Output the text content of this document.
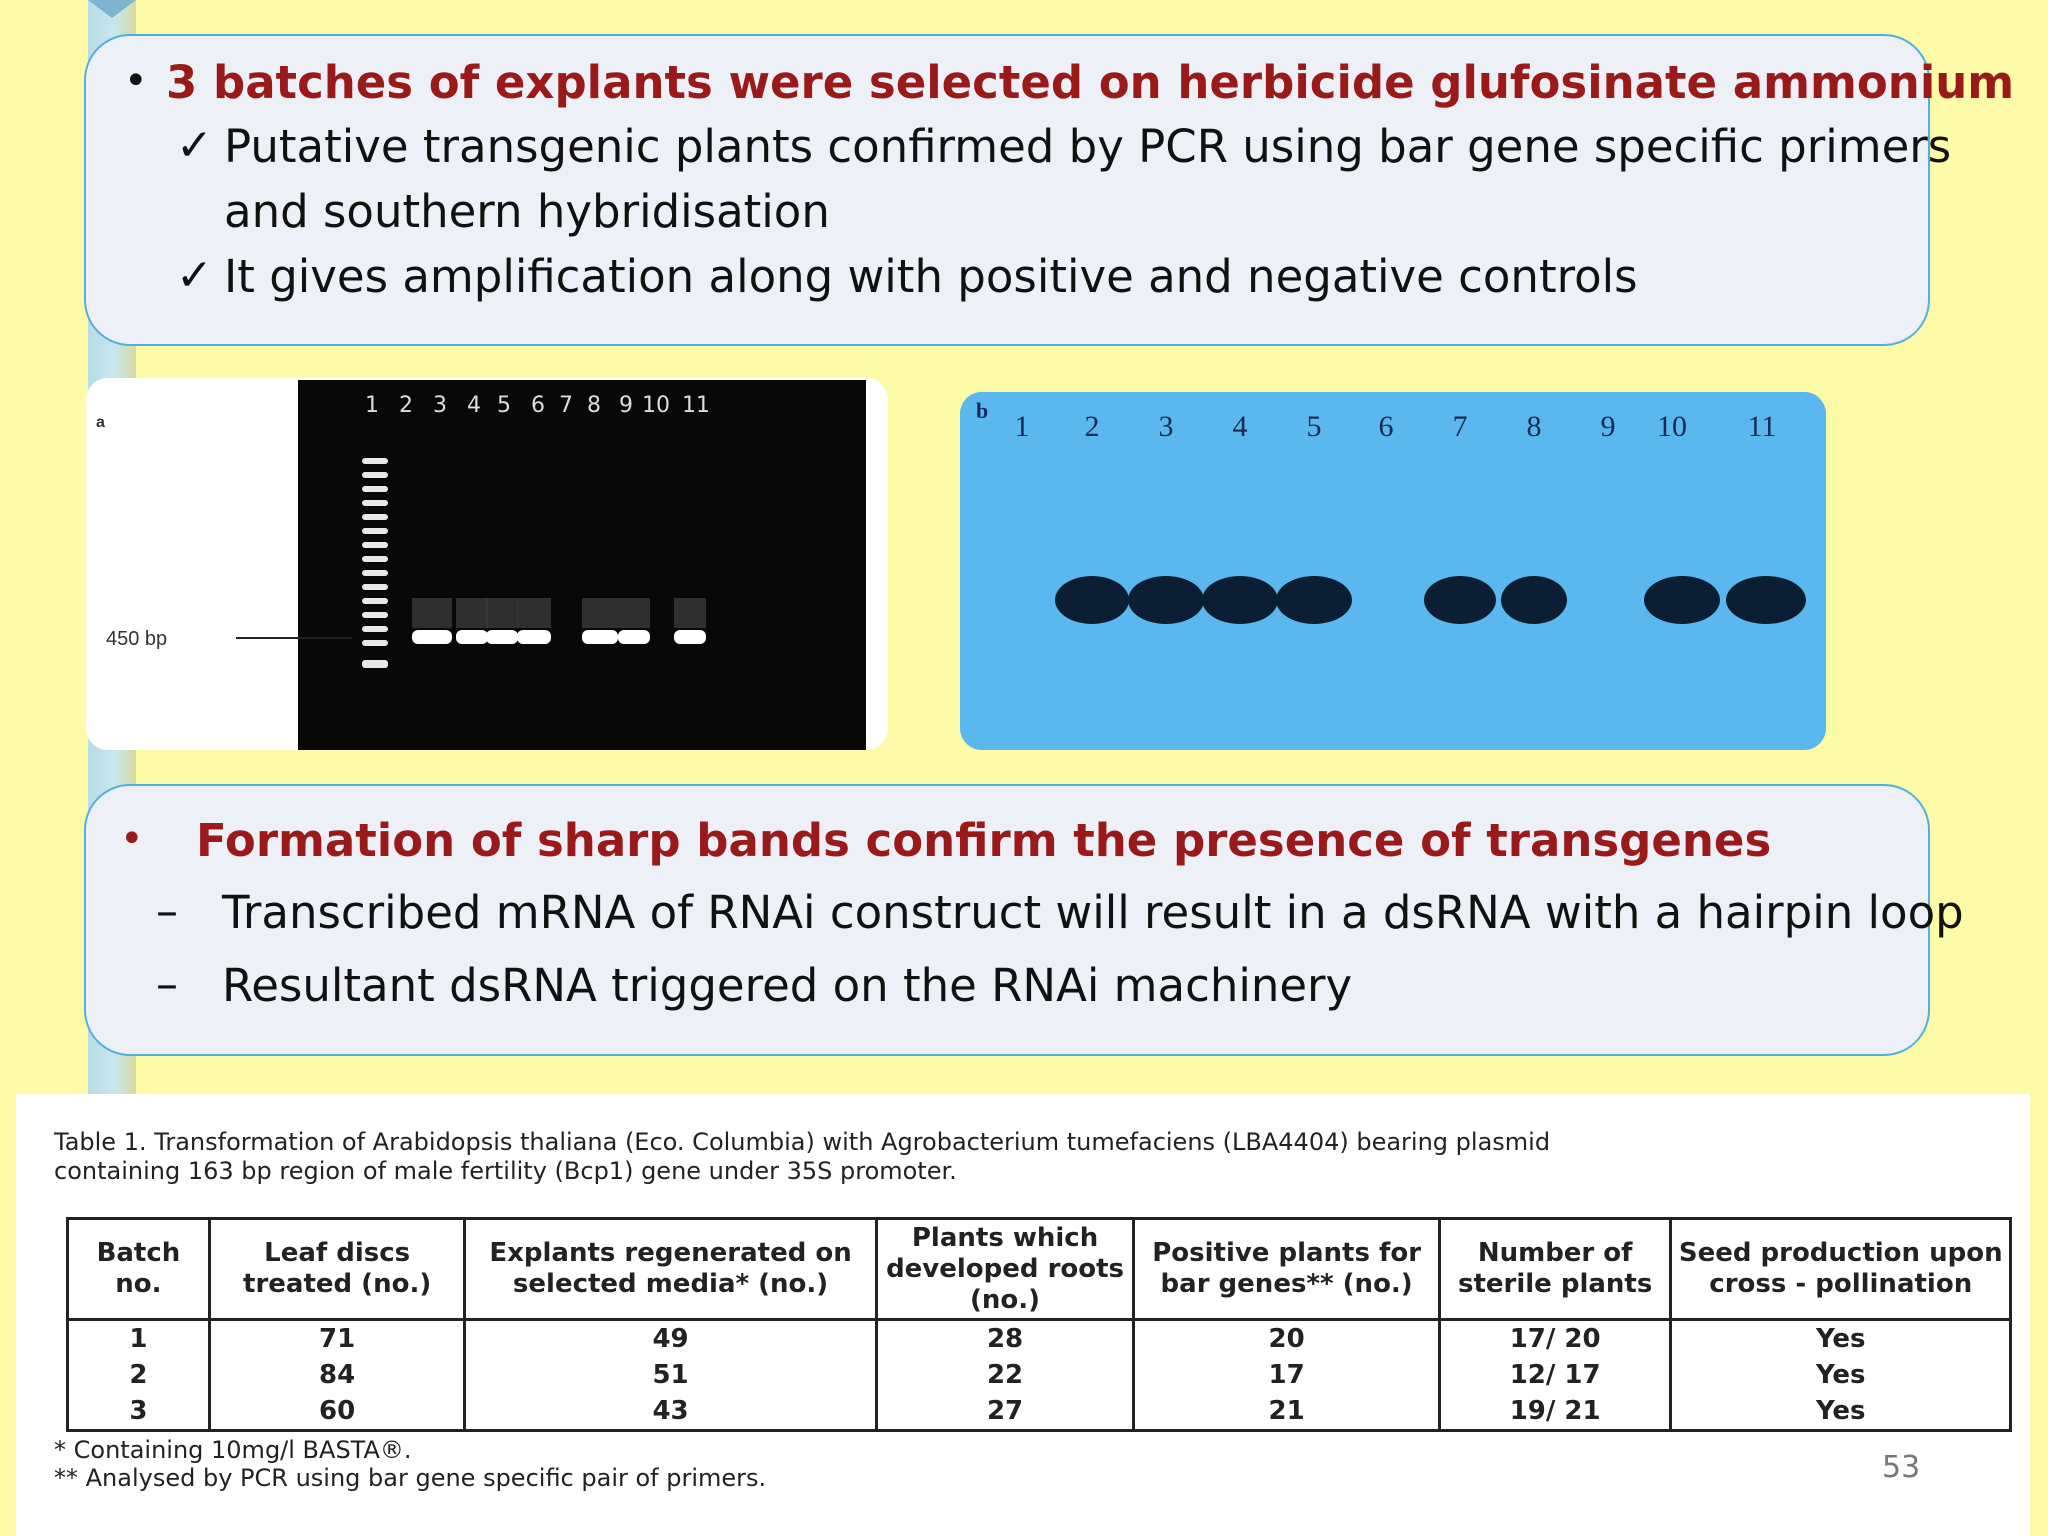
• 3 batches of explants were selected on herbicide glufosinate ammonium
✓ Putative transgenic plants confirmed by PCR using bar gene specific primers
and southern hybridisation
✓ It gives amplification along with positive and negative controls
a
1 2 3 4 5 6 7 8 9 10 11
450 bp
b 1 2 3 4 5 6 7 8 9 10 11
• Formation of sharp bands confirm the presence of transgenes
– Transcribed mRNA of RNAi construct will result in a dsRNA with a hairpin loop
– Resultant dsRNA triggered on the RNAi machinery
Table 1. Transformation of Arabidopsis thaliana (Eco. Columbia) with Agrobacterium tumefaciens (LBA4404) bearing plasmid
containing 163 bp region of male fertility (Bcp1) gene under 35S promoter.
Batch no.	Leaf discs treated (no.)	Explants regenerated on selected media* (no.)	Plants which developed roots (no.)	Positive plants for bar genes** (no.)	Number of sterile plants	Seed production upon cross - pollination
1	71	49	28	20	17/ 20	Yes
2	84	51	22	17	12/ 17	Yes
3	60	43	27	21	19/ 21	Yes
* Containing 10mg/l BASTA®.
** Analysed by PCR using bar gene specific pair of primers.	53
